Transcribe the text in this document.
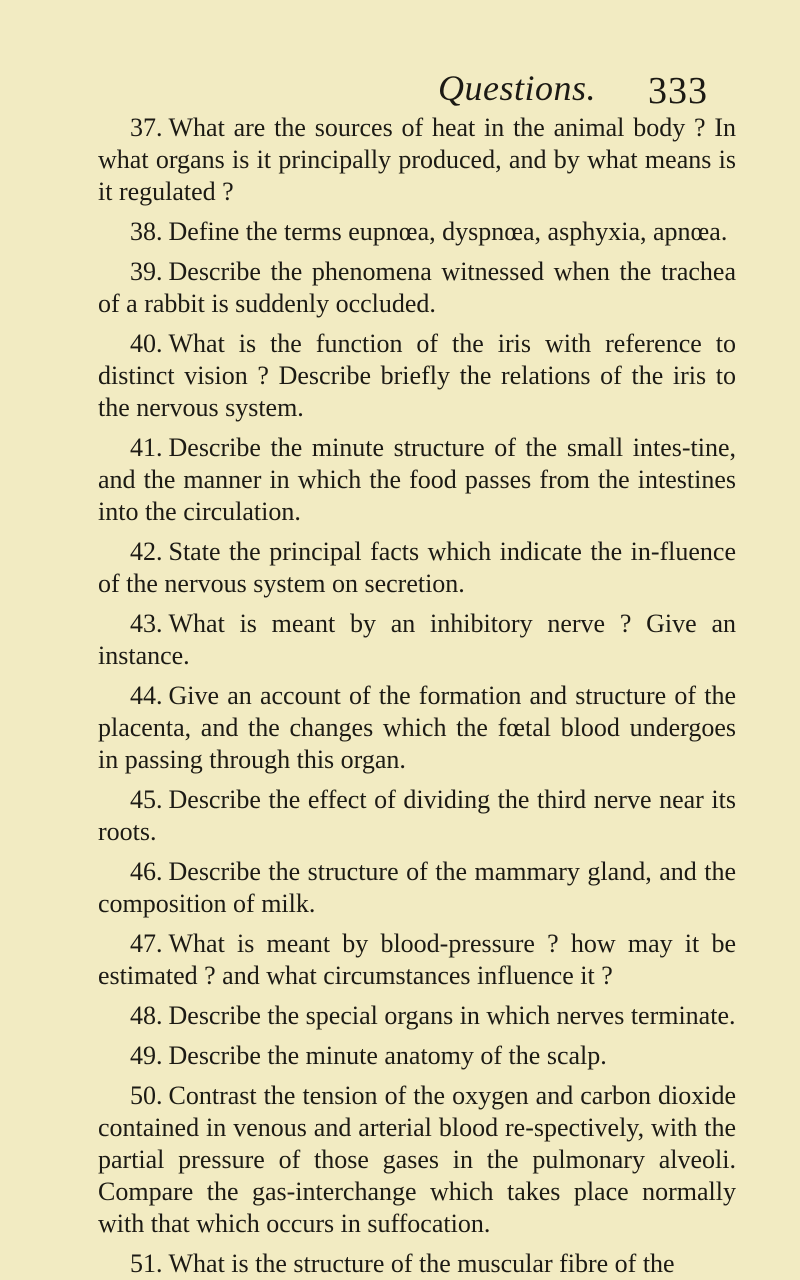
Questions. 333
37. What are the sources of heat in the animal body ? In what organs is it principally produced, and by what means is it regulated ?
38. Define the terms eupnœa, dyspnœa, asphyxia, apnœa.
39. Describe the phenomena witnessed when the trachea of a rabbit is suddenly occluded.
40. What is the function of the iris with reference to distinct vision ? Describe briefly the relations of the iris to the nervous system.
41. Describe the minute structure of the small intes-tine, and the manner in which the food passes from the intestines into the circulation.
42. State the principal facts which indicate the in-fluence of the nervous system on secretion.
43. What is meant by an inhibitory nerve ? Give an instance.
44. Give an account of the formation and structure of the placenta, and the changes which the fœtal blood undergoes in passing through this organ.
45. Describe the effect of dividing the third nerve near its roots.
46. Describe the structure of the mammary gland, and the composition of milk.
47. What is meant by blood-pressure ? how may it be estimated ? and what circumstances influence it ?
48. Describe the special organs in which nerves terminate.
49. Describe the minute anatomy of the scalp.
50. Contrast the tension of the oxygen and carbon dioxide contained in venous and arterial blood re-spectively, with the partial pressure of those gases in the pulmonary alveoli. Compare the gas-interchange which takes place normally with that which occurs in suffocation.
51. What is the structure of the muscular fibre of the
